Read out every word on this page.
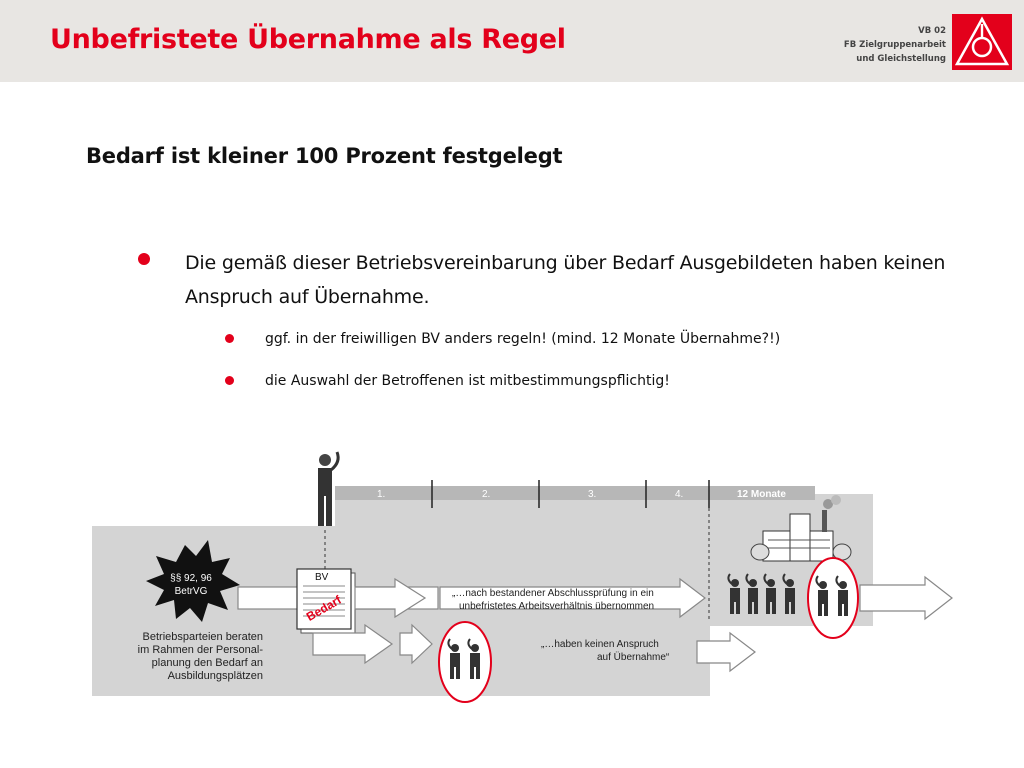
Unbefristete Übernahme als Regel	VB 02
FB Zielgruppenarbeit
und Gleichstellung
Bedarf ist kleiner 100 Prozent festgelegt
Die gemäß dieser Betriebsvereinbarung über Bedarf Ausgebildeten haben keinen Anspruch auf Übernahme.
ggf. in der freiwilligen BV anders regeln! (mind. 12 Monate Übernahme?!)
die Auswahl der Betroffenen ist mitbestimmungspflichtig!
1.	2.	3.	4.	12 Monate
§§ 92, 96
BetrVG
BV
Bedarf	„…nach bestandener Abschlussprüfung in ein
unbefristetes Arbeitsverhältnis übernommen
„…haben keinen Anspruch
auf Übernahme“
Betriebsparteien beraten
im Rahmen der Personal-
planung den Bedarf an
Ausbildungsplätzen
